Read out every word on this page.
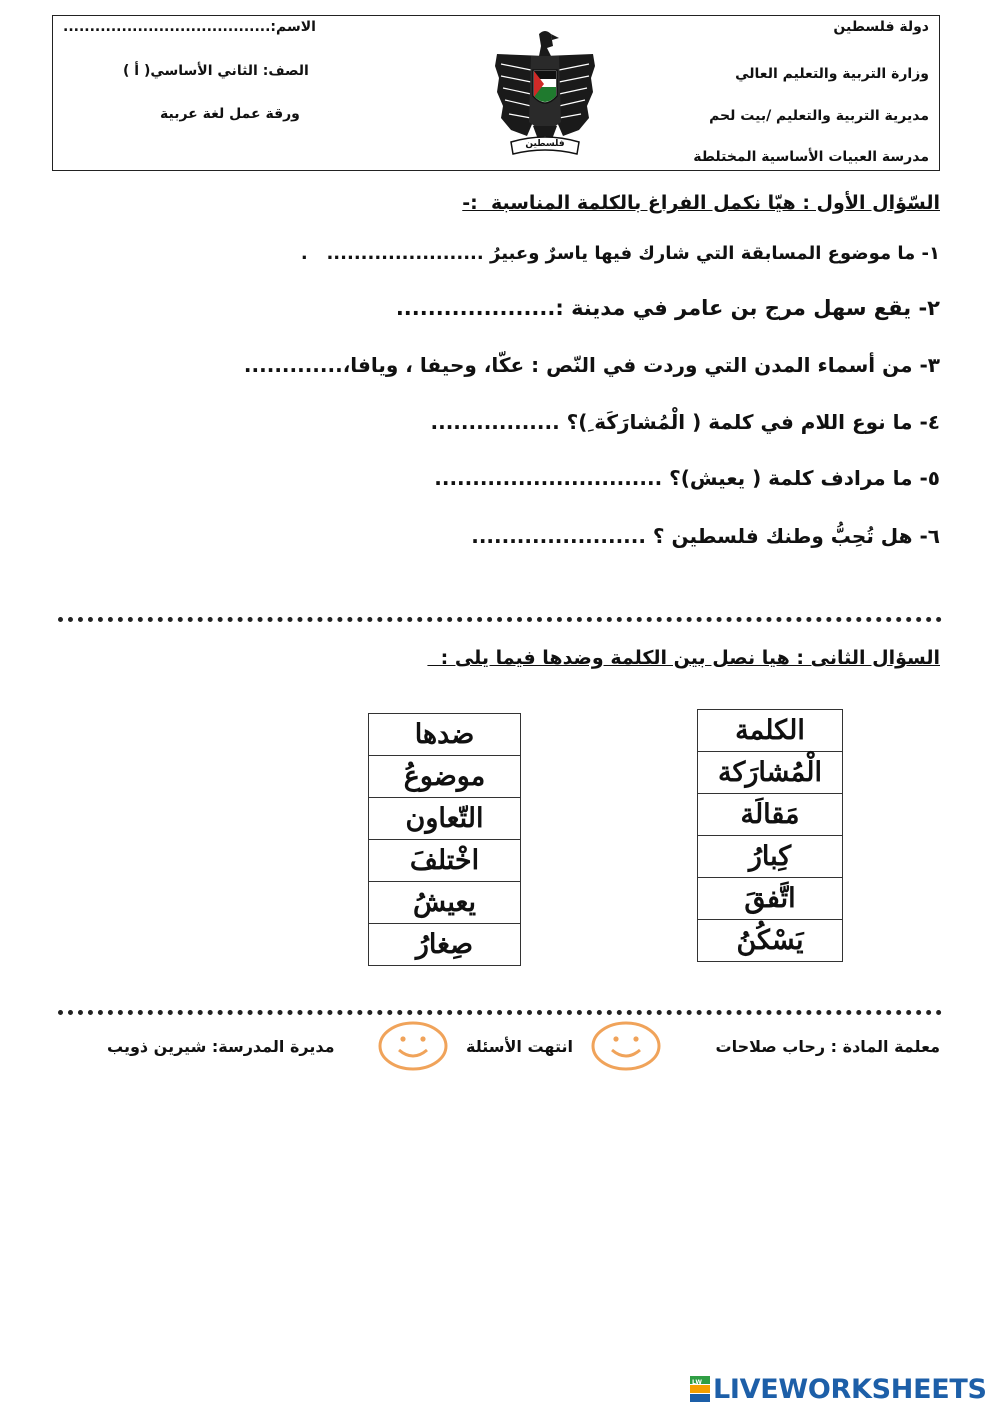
دولة فلسطين
وزارة التربية والتعليم العالي
مديرية التربية والتعليم /بيت لحم
مدرسة العبيات الأساسية المختلطة
الاسم:.......................................
الصف: الثاني الأساسي( أ )
ورقة عمل لغة عربية
فلسطين
السّؤال الأول : هيّا نكمل الفراغ بالكلمة المناسبة  :-
١- ما موضوع المسابقة التي شارك فيها ياسرٌ وعبيرُ .......................   .
٢- يقع سهل مرج بن عامر في مدينة :....................
٣- من أسماء المدن التي وردت في النّص : عكّا، وحيفا ، ويافا،.............
٤- ما نوع اللام في كلمة ( الْمُشارَكَة ِ)؟ .................
٥- ما مرادف كلمة ( يعيش)؟ ..............................
٦- هل تُحِبُّ وطنك فلسطين ؟ .......................
السؤال الثانى : هيا نصل بين الكلمة وضدها فيما يلى :
الكلمة
الْمُشارَكة
مَقالَة
كِبارُ
اتَّفقَ
يَسْكُنُ
ضدها
موضوعُ
التّعاون
اخْتلفَ
يعيشُ
صِغارُ
معلمة المادة : رحاب صلاحات
انتهت الأسئلة
مديرة المدرسة: شيرين ذويب
LIVEWORKSHEETS
LW
